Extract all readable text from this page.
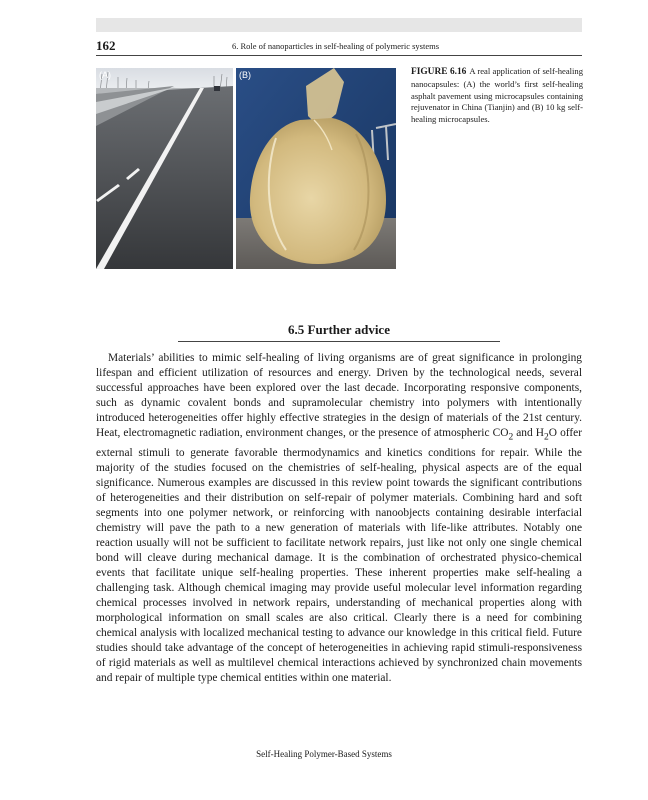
162	6. Role of nanoparticles in self-healing of polymeric systems
(A)	(B)	FIGURE 6.16 A real application of self-healing nanocapsules: (A) the world’s first self-healing asphalt pavement using microcapsules containing rejuvenator in China (Tianjin) and (B) 10 kg self-healing microcapsules.
6.5 Further advice

Materials’ abilities to mimic self-healing of living organisms are of great significance in prolonging lifespan and efficient utilization of resources and energy. Driven by the technological needs, several successful approaches have been explored over the last decade. Incorporating responsive components, such as dynamic covalent bonds and supramolecular chemistry into polymers with intentionally introduced heterogeneities offer highly effective strategies in the design of materials of the 21st century. Heat, electromagnetic radiation, environment changes, or the presence of atmospheric $CO_2$ and $H_2O$ offer external stimuli to generate favorable thermodynamics and kinetics conditions for repair. While the majority of the studies focused on the chemistries of self-healing, physical aspects are of the equal significance. Numerous examples are discussed in this review point towards the significant contributions of heterogeneities and their distribution on self-repair of polymer materials. Combining hard and soft segments into one polymer network, or reinforcing with nanoobjects containing desirable interfacial chemistry will pave the path to a new generation of materials with life-like attributes. Notably one reaction usually will not be sufficient to facilitate network repairs, just like not only one single chemical bond will cleave during mechanical damage. It is the combination of orchestrated physico-chemical events that facilitate unique self-healing properties. These inherent properties make self-healing a challenging task. Although chemical imaging may provide useful molecular level information regarding chemical processes involved in network repairs, understanding of mechanical properties along with morphological information on small scales are also critical. Clearly there is a need for combining chemical analysis with localized mechanical testing to advance our knowledge in this critical field. Future studies should take advantage of the concept of heterogeneities in achieving rapid stimuli-responsiveness of rigid materials as well as multilevel chemical interactions achieved by synchronized chain movements and repair of multiple type chemical entities within one material.

Self-Healing Polymer-Based Systems
